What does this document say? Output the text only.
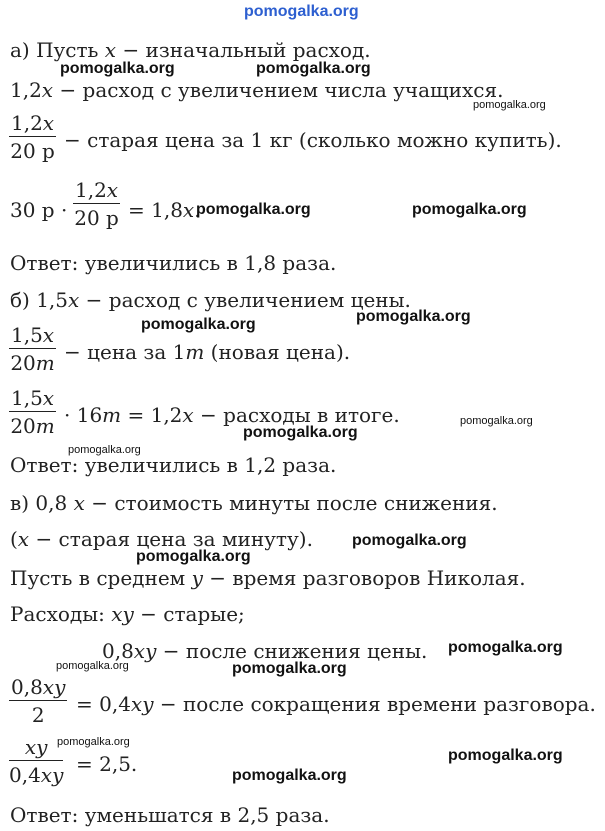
pomogalka.org
а) Пусть 𝑥 − изначальный расход.
pomogalka.org	pomogalka.org
1,2𝑥 − расход с увеличением числа учащихся.
pomogalka.org
1,2𝑥
20 р − старая цена за 1 кг (сколько можно купить).
30 р ·
1,2𝑥
20 р = 1,8𝑥.
pomogalka.org	pomogalka.org
Ответ: увеличились в 1,8 раза.
б) 1,5𝑥 − расход с увеличением цены.
pomogalka.org
pomogalka.org
1,5𝑥
20𝑚 − цена за 1𝑚 (новая цена).
1,5𝑥
20𝑚 · 16𝑚 = 1,2𝑥 − расходы в итоге.	pomogalka.org
pomogalka.org
pomogalka.org
Ответ: увеличились в 1,2 раза.
в) 0,8 𝑥 − стоимость минуты после снижения.
(𝑥 − старая цена за минуту). pomogalka.org
pomogalka.org
Пусть в среднем 𝑦 − время разговоров Николая.
Расходы: 𝑥𝑦 − старые;
0,8𝑥𝑦 − после снижения цены. pomogalka.org
pomogalka.org	pomogalka.org
0,8𝑥𝑦
2	= 0,4𝑥𝑦 − после сокращения времени разговора.
𝑥𝑦
0,4𝑥𝑦
pomogalka.org
= 2,5.	pomogalka.org
pomogalka.org
Ответ: уменьшатся в 2,5 раза.
